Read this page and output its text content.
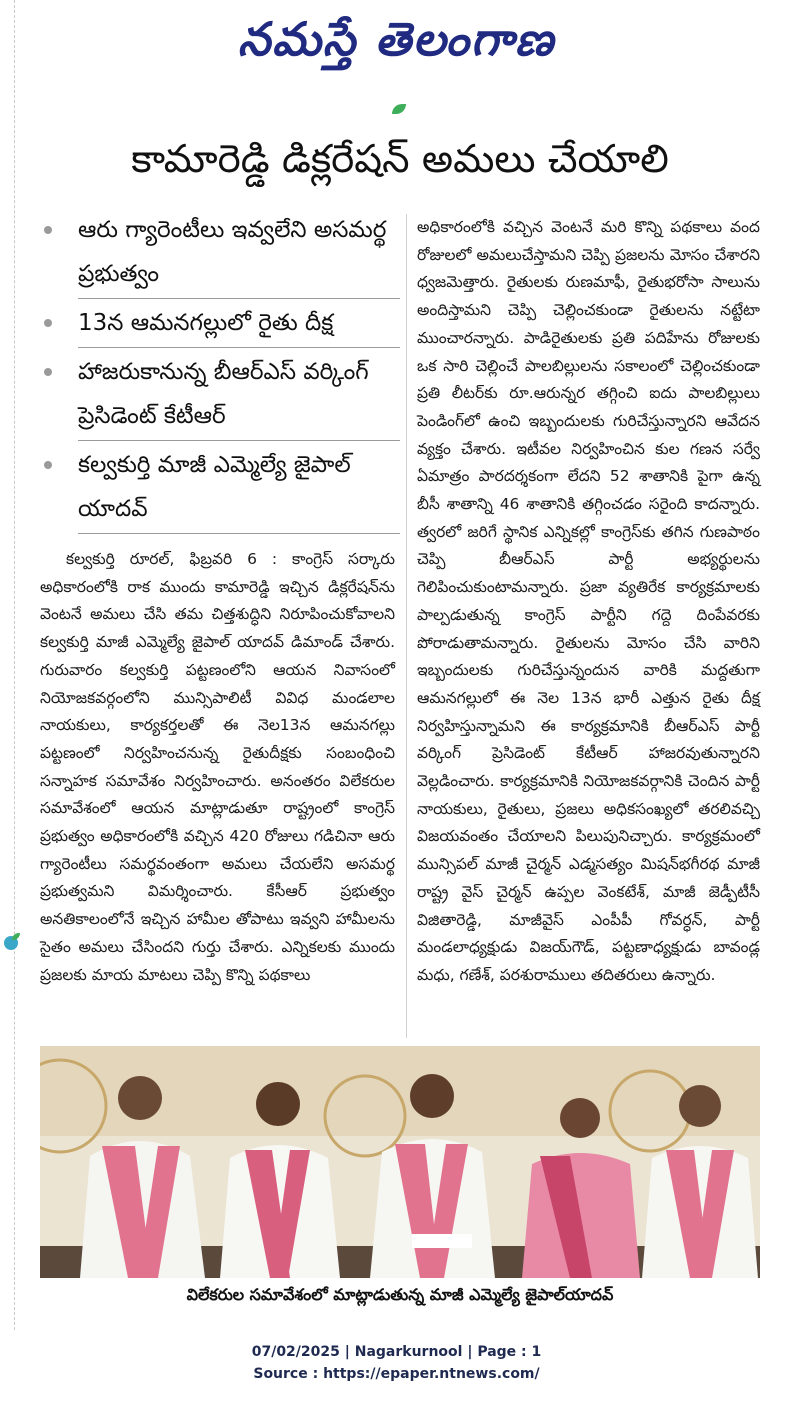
నమస్తే తెలంగాణ
కామారెడ్డి డిక్లరేషన్ అమలు చేయాలి
ఆరు గ్యారెంటీలు ఇవ్వలేని అసమర్థ ప్రభుత్వం
13న ఆమనగల్లులో రైతు దీక్ష
హాజరుకానున్న బీఆర్ఎస్ వర్కింగ్ ప్రెసిడెంట్ కేటీఆర్
కల్వకుర్తి మాజీ ఎమ్మెల్యే జైపాల్ యాదవ్

కల్వకుర్తి రూరల్, ఫిబ్రవరి 6 : కాంగ్రెస్ సర్కారు అధికారంలోకి రాక ముందు కామారెడ్డి ఇచ్చిన డిక్లరేషన్‌ను వెంటనే అమలు చేసి తమ చిత్తశుద్ధిని నిరూపించుకోవాలని కల్వకుర్తి మాజీ ఎమ్మెల్యే జైపాల్ యాదవ్ డిమాండ్ చేశారు. గురువారం కల్వకుర్తి పట్టణంలోని ఆయన నివాసంలో నియోజకవర్గంలోని మున్సిపాలిటీ వివిధ మండలాల నాయకులు, కార్యకర్తలతో ఈ నెల13న ఆమనగల్లు పట్టణంలో నిర్వహించనున్న రైతుదీక్షకు సంబంధించి సన్నాహక సమావేశం నిర్వహించారు. అనంతరం విలేకరుల సమావేశంలో ఆయన మాట్లాడుతూ రాష్ట్రంలో కాంగ్రెస్ ప్రభుత్వం అధికారంలోకి వచ్చిన 420 రోజులు గడిచినా ఆరు గ్యారెంటీలు సమర్థవంతంగా అమలు చేయలేని అసమర్థ ప్రభుత్వమని విమర్శించారు. కేసీఆర్ ప్రభుత్వం అనతికాలంలోనే ఇచ్చిన హామీల తోపాటు ఇవ్వని హామీలను సైతం అమలు చేసిందని గుర్తు చేశారు. ఎన్నికలకు ముందు ప్రజలకు మాయ మాటలు చెప్పి కొన్ని పథకాలు

అధికారంలోకి వచ్చిన వెంటనే మరి కొన్ని పథకాలు వంద రోజులలో అమలుచేస్తామని చెప్పి ప్రజలను మోసం చేశారని ధ్వజమెత్తారు. రైతులకు రుణమాఫీ, రైతుభరోసా సాలును అందిస్తామని చెప్పి చెల్లించకుండా రైతులను నట్టేటా ముంచారన్నారు. పాడిరైతులకు ప్రతి పదిహేను రోజులకు ఒక సారి చెల్లించే పాలబిల్లులను సకాలంలో చెల్లించకుండా ప్రతి లీటర్‌కు రూ.ఆరున్నర తగ్గించి ఐదు పాలబిల్లులు పెండింగ్‌లో ఉంచి ఇబ్బందులకు గురిచేస్తున్నారని ఆవేదన వ్యక్తం చేశారు. ఇటీవల నిర్వహించిన కుల గణన సర్వే ఏమాత్రం పారదర్శకంగా లేదని 52 శాతానికి పైగా ఉన్న బీసీ శాతాన్ని 46 శాతానికి తగ్గించడం సరైంది కాదన్నారు. త్వరలో జరిగే స్థానిక ఎన్నికల్లో కాంగ్రెస్‌కు తగిన గుణపాఠం చెప్పి బీఆర్ఎస్ పార్టీ అభ్యర్థులను గెలిపించుకుంటామన్నారు. ప్రజా వ్యతిరేక కార్యక్రమాలకు పాల్పడుతున్న కాంగ్రెస్ పార్టీని గద్దె దింపేవరకు పోరాడుతామన్నారు. రైతులను మోసం చేసి వారిని ఇబ్బందులకు గురిచేస్తున్నందున వారికి మద్దతుగా ఆమనగల్లులో ఈ నెల 13న భారీ ఎత్తున రైతు దీక్ష నిర్వహిస్తున్నామని ఈ కార్యక్రమానికి బీఆర్ఎస్ పార్టీ వర్కింగ్ ప్రెసిడెంట్ కేటీఆర్ హాజరవుతున్నారని వెల్లడించారు. కార్యక్రమానికి నియోజకవర్గానికి చెందిన పార్టీ నాయకులు, రైతులు, ప్రజలు అధికసంఖ్యలో తరలివచ్చి విజయవంతం చేయాలని పిలుపునిచ్చారు. కార్యక్రమంలో మున్సిపల్ మాజీ చైర్మన్ ఎడ్మసత్యం మిషన్‌భగీరథ మాజీ రాష్ట్ర వైస్ చైర్మన్ ఉప్పల వెంకటేశ్, మాజీ జెడ్పీటీసీ విజితారెడ్డి, మాజీవైస్ ఎంపీపీ గోవర్ధన్, పార్టీ మండలాధ్యక్షుడు విజయ్‌గౌడ్, పట్టణాధ్యక్షుడు బావండ్ల మధు, గణేశ్, పరశురాములు తదితరులు ఉన్నారు.

విలేకరుల సమావేశంలో మాట్లాడుతున్న మాజీ ఎమ్మెల్యే జైపాల్‌యాదవ్
07/02/2025 | Nagarkurnool | Page : 1
Source : https://epaper.ntnews.com/
